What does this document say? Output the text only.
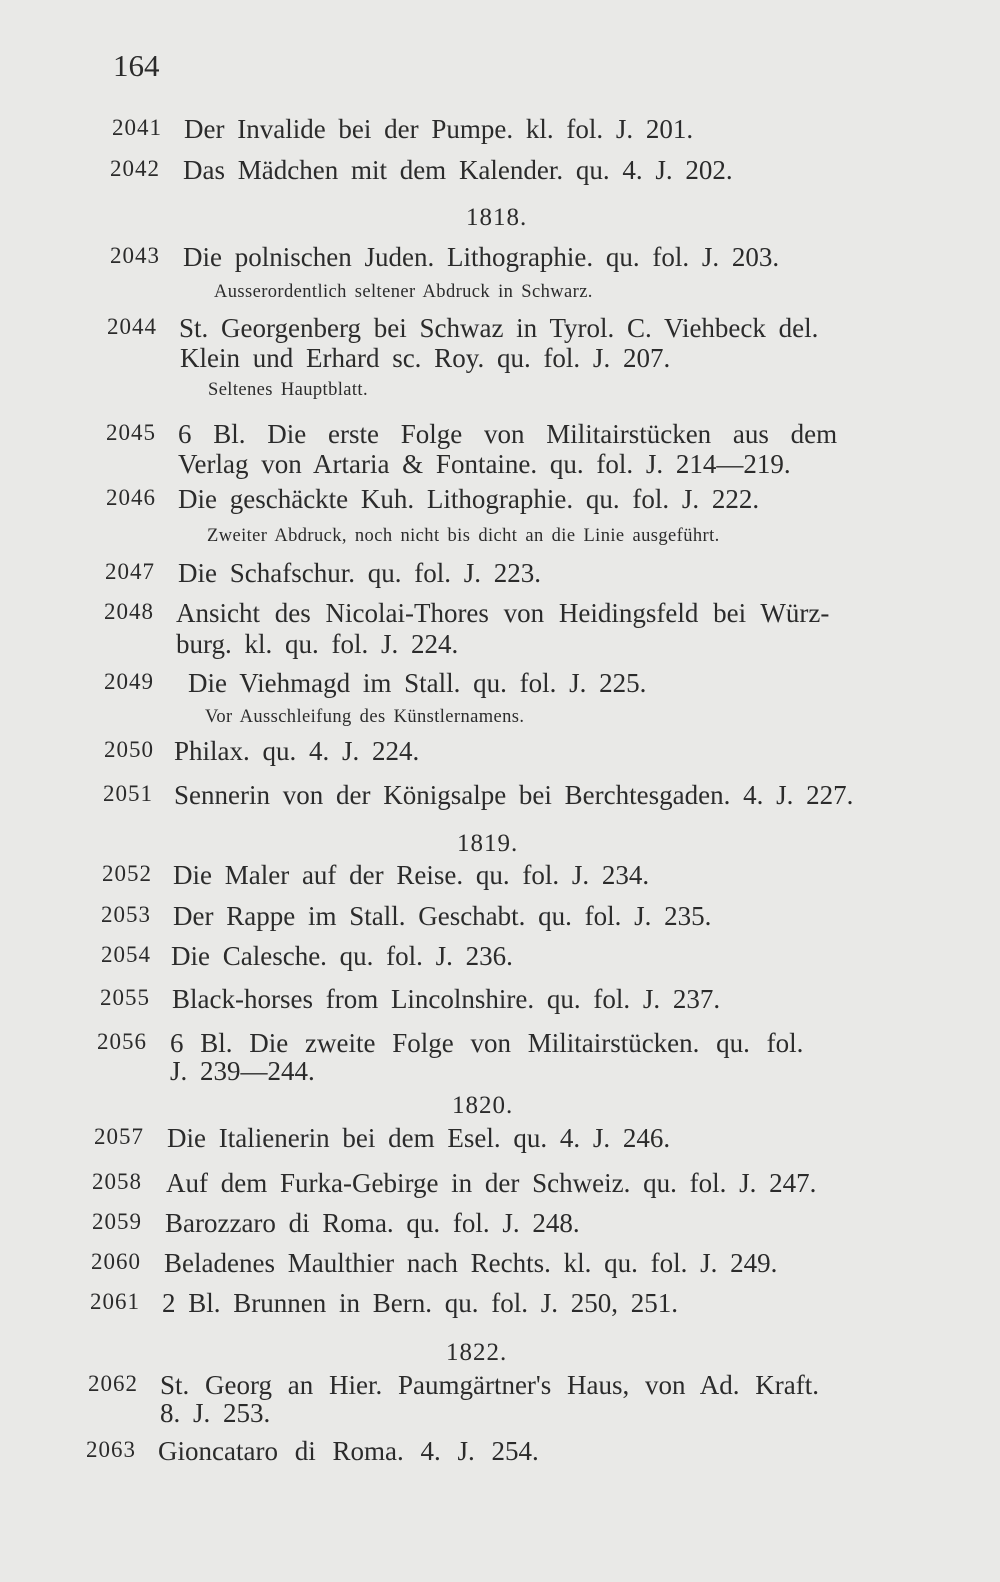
164
2041 Der Invalide bei der Pumpe. kl. fol. J. 201.
2042 Das Mädchen mit dem Kalender. qu. 4. J. 202.
1818.
2043 Die polnischen Juden. Lithographie. qu. fol. J. 203.
Ausserordentlich seltener Abdruck in Schwarz.
2044 St. Georgenberg bei Schwaz in Tyrol. C. Viehbeck del.
Klein und Erhard sc. Roy. qu. fol. J. 207.
Seltenes Hauptblatt.
2045 6 Bl. Die erste Folge von Militairstücken aus dem
Verlag von Artaria & Fontaine. qu. fol. J. 214—219.
2046 Die geschäckte Kuh. Lithographie. qu. fol. J. 222.
Zweiter Abdruck, noch nicht bis dicht an die Linie ausgeführt.
2047 Die Schafschur. qu. fol. J. 223.
2048 Ansicht des Nicolai-Thores von Heidingsfeld bei Würz-
burg. kl. qu. fol. J. 224.
2049 Die Viehmagd im Stall. qu. fol. J. 225.
Vor Ausschleifung des Künstlernamens.
2050 Philax. qu. 4. J. 224.
2051 Sennerin von der Königsalpe bei Berchtesgaden. 4. J. 227.
1819.
2052 Die Maler auf der Reise. qu. fol. J. 234.
2053 Der Rappe im Stall. Geschabt. qu. fol. J. 235.
2054 Die Calesche. qu. fol. J. 236.
2055 Black-horses from Lincolnshire. qu. fol. J. 237.
2056 6 Bl. Die zweite Folge von Militairstücken. qu. fol.
J. 239—244.
1820.
2057 Die Italienerin bei dem Esel. qu. 4. J. 246.
2058 Auf dem Furka-Gebirge in der Schweiz. qu. fol. J. 247.
2059 Barozzaro di Roma. qu. fol. J. 248.
2060 Beladenes Maulthier nach Rechts. kl. qu. fol. J. 249.
2061 2 Bl. Brunnen in Bern. qu. fol. J. 250, 251.
1822.
2062 St. Georg an Hier. Paumgärtner's Haus, von Ad. Kraft.
8. J. 253.
2063 Gioncataro di Roma. 4. J. 254.
